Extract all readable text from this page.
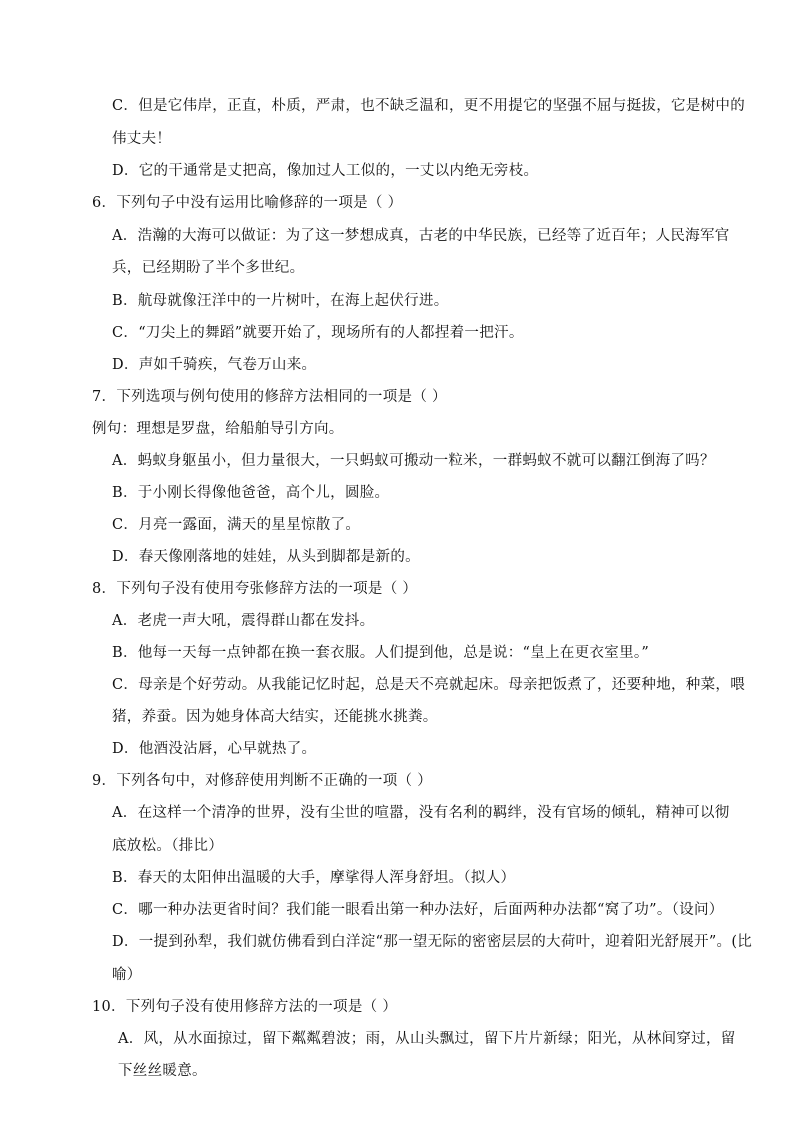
C．但是它伟岸，正直，朴质，严肃，也不缺乏温和，更不用提它的坚强不屈与挺拔，它是树中的
伟丈夫！
D．它的干通常是丈把高，像加过人工似的，一丈以内绝无旁枝。
6．下列句子中没有运用比喻修辞的一项是（ ）
A．浩瀚的大海可以做证：为了这一梦想成真，古老的中华民族，已经等了近百年；人民海军官
兵，已经期盼了半个多世纪。
B．航母就像汪洋中的一片树叶，在海上起伏行进。
C．“刀尖上的舞蹈”就要开始了，现场所有的人都捏着一把汗。
D．声如千骑疾，气卷万山来。
7．下列选项与例句使用的修辞方法相同的一项是（ ）
例句：理想是罗盘，给船舶导引方向。
A．蚂蚁身躯虽小，但力量很大，一只蚂蚁可搬动一粒米，一群蚂蚁不就可以翻江倒海了吗？
B．于小刚长得像他爸爸，高个儿，圆脸。
C．月亮一露面，满天的星星惊散了。
D．春天像刚落地的娃娃，从头到脚都是新的。
8．下列句子没有使用夸张修辞方法的一项是（ ）
A．老虎一声大吼，震得群山都在发抖。
B．他每一天每一点钟都在换一套衣服。人们提到他，总是说：“皇上在更衣室里。”
C．母亲是个好劳动。从我能记忆时起，总是天不亮就起床。母亲把饭煮了，还要种地，种菜，喂
猪，养蚕。因为她身体高大结实，还能挑水挑粪。
D．他酒没沾唇，心早就热了。
9．下列各句中，对修辞使用判断不正确的一项（ ）
A．在这样一个清净的世界，没有尘世的喧嚣，没有名利的羁绊，没有官场的倾轧，精神可以彻
底放松。（排比）
B．春天的太阳伸出温暖的大手，摩挲得人浑身舒坦。（拟人）
C．哪一种办法更省时间？我们能一眼看出第一种办法好，后面两种办法都“窝了功”。（设问）
D．一提到孙犁，我们就仿佛看到白洋淀“那一望无际的密密层层的大荷叶，迎着阳光舒展开”。(比
喻）
10．下列句子没有使用修辞方法的一项是（ ）
A．风，从水面掠过，留下粼粼碧波；雨，从山头飘过，留下片片新绿；阳光，从林间穿过，留
下丝丝暖意。
